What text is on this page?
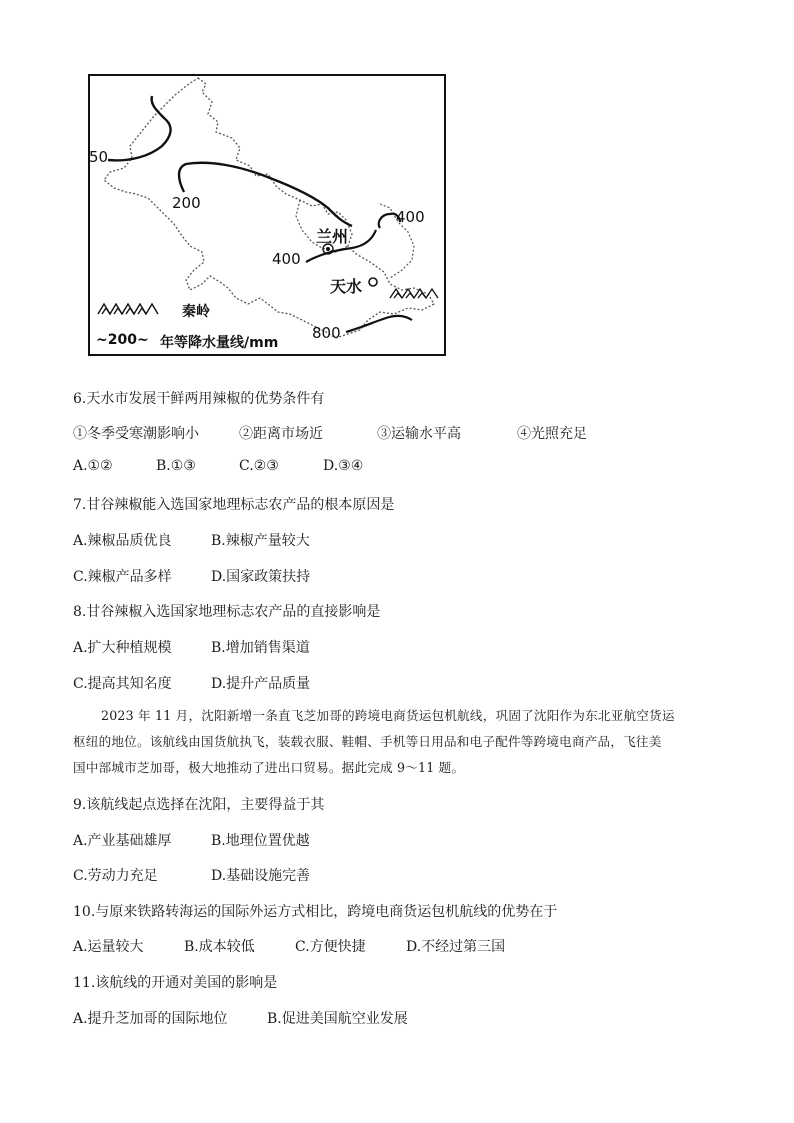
50
200
400
400
800
兰州
天水
秦岭
~200~ 年等降水量线/mm
6.天水市发展干鲜两用辣椒的优势条件有
①冬季受寒潮影响小	②距离市场近	③运输水平高	④光照充足
A.①②	B.①③	C.②③	D.③④
7.甘谷辣椒能入选国家地理标志农产品的根本原因是
A.辣椒品质优良	B.辣椒产量较大
C.辣椒产品多样	D.国家政策扶持
8.甘谷辣椒入选国家地理标志农产品的直接影响是
A.扩大种植规模	B.增加销售渠道
C.提高其知名度	D.提升产品质量

2023 年 11 月，沈阳新增一条直飞芝加哥的跨境电商货运包机航线，巩固了沈阳作为东北亚航空货运

枢纽的地位。该航线由国货航执飞，装载衣服、鞋帽、手机等日用品和电子配件等跨境电商产品，飞往美

国中部城市芝加哥，极大地推动了进出口贸易。据此完成 9～11 题。

9.该航线起点选择在沈阳，主要得益于其
A.产业基础雄厚	B.地理位置优越
C.劳动力充足	D.基础设施完善
10.与原来铁路转海运的国际外运方式相比，跨境电商货运包机航线的优势在于
A.运量较大	B.成本较低	C.方便快捷	D.不经过第三国
11.该航线的开通对美国的影响是
A.提升芝加哥的国际地位	B.促进美国航空业发展
